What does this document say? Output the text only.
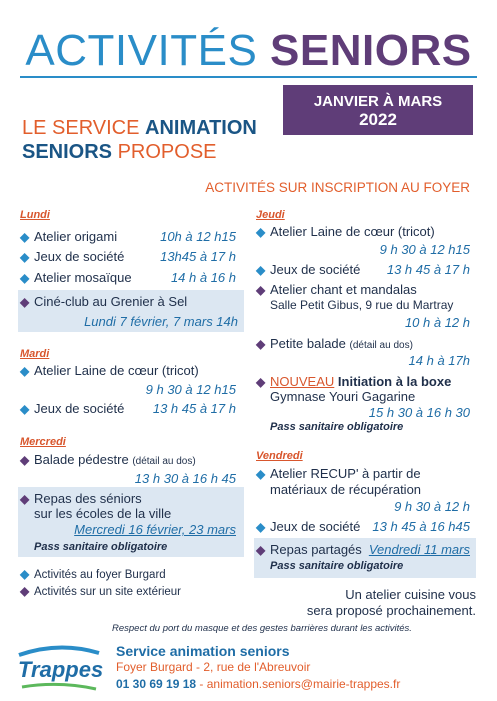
ACTIVITÉS SENIORS
JANVIER À MARS
2022
LE SERVICE ANIMATION
SENIORS PROPOSE
ACTIVITÉS SUR INSCRIPTION AU FOYER
Lundi
◆ Atelier origami	10h à 12 h15
◆ Jeux de société	13h45 à 17 h
◆ Atelier mosaïque	14 h à 16 h
◆ Ciné-club au Grenier à Sel
Lundi 7 février, 7 mars 14h
Mardi
◆ Atelier Laine de cœur (tricot)
9 h 30 à 12 h15
◆ Jeux de société	13 h 45 à 17 h
Mercredi
◆ Balade pédestre (détail au dos)
13 h 30 à 16 h 45
◆ Repas des séniors
sur les écoles de la ville
Mercredi 16 février, 23 mars
Pass sanitaire obligatoire
◆ Activités au foyer Burgard
◆ Activités sur un site extérieur
Jeudi
◆ Atelier Laine de cœur (tricot)
9 h 30 à 12 h15
◆ Jeux de société	13 h 45 à 17 h
◆ Atelier chant et mandalas
Salle Petit Gibus, 9 rue du Martray
10 h à 12 h
◆ Petite balade (détail au dos)
14 h à 17h
◆ NOUVEAU Initiation à la boxe
Gymnase Youri Gagarine
15 h 30 à 16 h 30
Pass sanitaire obligatoire
Vendredi
◆ Atelier RECUP' à partir de
matériaux de récupération
9 h 30 à 12 h
◆ Jeux de société 13 h 45 à 16 h45
◆ Repas partagés Vendredi 11 mars
Pass sanitaire obligatoire
Un atelier cuisine vous
sera proposé prochainement.
Respect du port du masque et des gestes barrières durant les activités.
Trappes
Service animation seniors
Foyer Burgard - 2, rue de l'Abreuvoir
01 30 69 19 18 - animation.seniors@mairie-trappes.fr
